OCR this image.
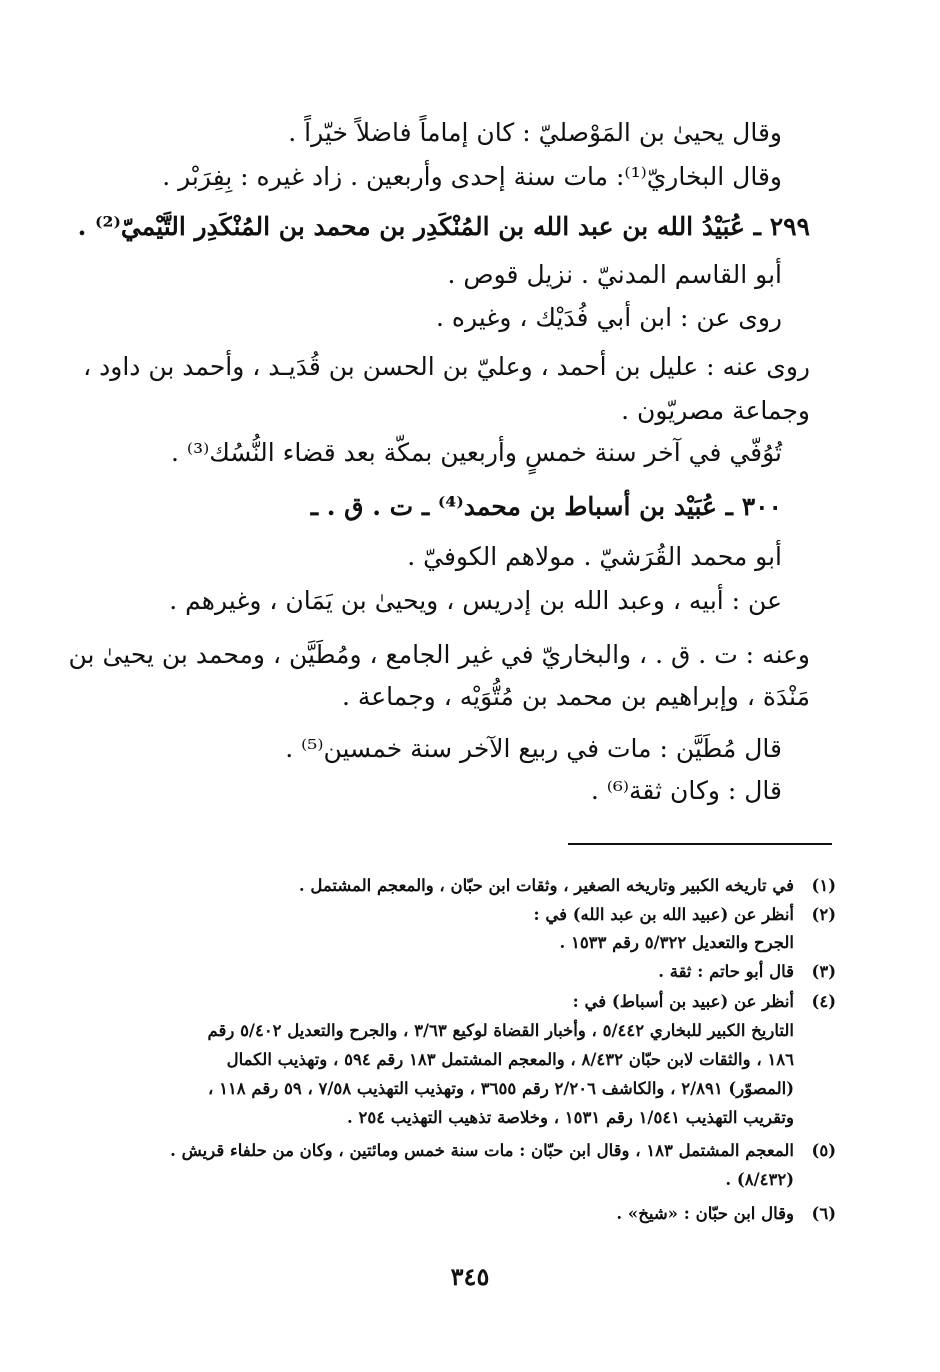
وقال يحيىٰ بن المَوْصليّ : كان إماماً فاضلاً خيّراً .
وقال البخاريّ⁽¹⁾: مات سنة إحدى وأربعين . زاد غيره : بِفِرَبْر .
٢٩٩ ـ عُبَيْدُ الله بن عبد الله بن المُنْكَدِر بن محمد بن المُنْكَدِر التَّيْميّ⁽²⁾ .
أبو القاسم المدنيّ . نزيل قوص .
روى عن : ابن أبي فُدَيْك ، وغيره .
روى عنه : عليل بن أحمد ، وعليّ بن الحسن بن قُدَيـد ، وأحمد بن داود ،
وجماعة مصريّون .
تُوُفّي في آخر سنة خمسٍ وأربعين بمكّة بعد قضاء النُّسُك⁽³⁾ .
٣٠٠ ـ عُبَيْد بن أسباط بن محمد⁽⁴⁾ ـ ت . ق . ـ
أبو محمد القُرَشيّ . مولاهم الكوفيّ .
عن : أبيه ، وعبد الله بن إدريس ، ويحيىٰ بن يَمَان ، وغيرهم .
وعنه : ت . ق . ، والبخاريّ في غير الجامع ، ومُطَيَّن ، ومحمد بن يحيىٰ بن
مَنْدَة ، وإبراهيم بن محمد بن مُتُّوَيْه ، وجماعة .
قال مُطَيَّن : مات في ربيع الآخر سنة خمسين⁽⁵⁾ .
قال : وكان ثقة⁽⁶⁾ .
(١)في تاريخه الكبير وتاريخه الصغير ، وثقات ابن حبّان ، والمعجم المشتمل .
(٢)أنظر عن (عبيد الله بن عبد الله) في :
الجرح والتعديل ٥/٣٢٢ رقم ١٥٣٣ .
(٣)قال أبو حاتم : ثقة .
(٤)أنظر عن (عبيد بن أسباط) في :
التاريخ الكبير للبخاري ٥/٤٤٢ ، وأخبار القضاة لوكيع ٣/٦٣ ، والجرح والتعديل ٥/٤٠٢ رقم
١٨٦ ، والثقات لابن حبّان ٨/٤٣٢ ، والمعجم المشتمل ١٨٣ رقم ٥٩٤ ، وتهذيب الكمال
(المصوّر) ٢/٨٩١ ، والكاشف ٢/٢٠٦ رقم ٣٦٥٥ ، وتهذيب التهذيب ٧/٥٨ ، ٥٩ رقم ١١٨ ،
وتقريب التهذيب ١/٥٤١ رقم ١٥٣١ ، وخلاصة تذهيب التهذيب ٢٥٤ .
(٥)المعجم المشتمل ١٨٣ ، وقال ابن حبّان : مات سنة خمس ومائتين ، وكان من حلفاء قريش .
(٨/٤٣٢) .
(٦)وقال ابن حبّان : «شيخ» .
٣٤٥
